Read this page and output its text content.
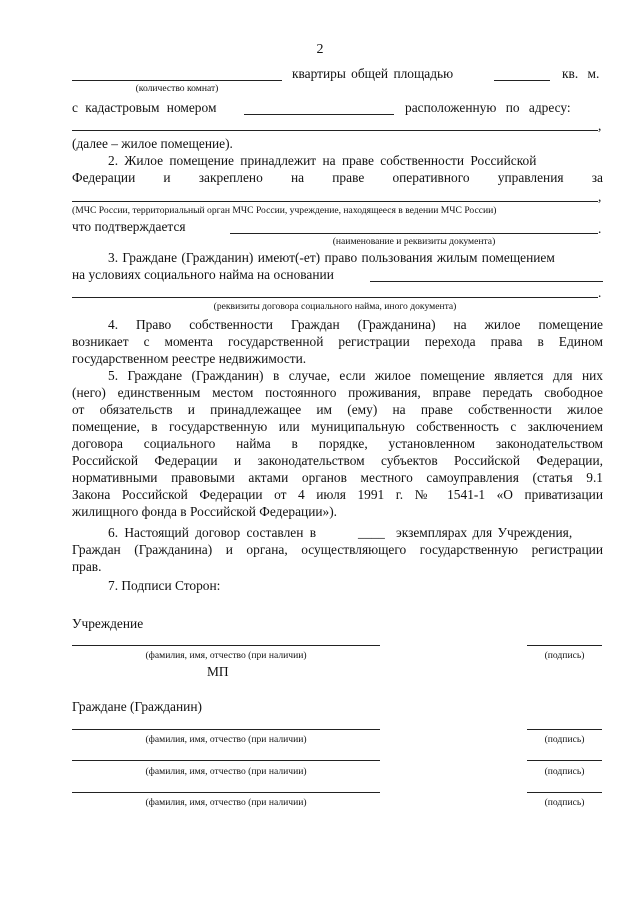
2
квартиры общей площадью	кв. м.
(количество комнат)
с кадастровым номером	расположенную по адресу:
,
(далее – жилое помещение).
2. Жилое помещение принадлежит на праве собственности Российской
Федерации и закреплено на праве оперативного управления за
,
(МЧС России, территориальный орган МЧС России, учреждение, находящееся в ведении МЧС России)
что подтверждается	.
(наименование и реквизиты документа)
3. Граждане (Гражданин) имеют(-ет) право пользования жилым помещением
на условиях социального найма на основании
.
(реквизиты договора социального найма, иного документа)
4. Право собственности Граждан (Гражданина) на жилое помещение
возникает с момента государственной регистрации перехода права в Едином
государственном реестре недвижимости.
5. Граждане (Гражданин) в случае, если жилое помещение является для них
(него) единственным местом постоянного проживания, вправе передать свободное
от обязательств и принадлежащее им (ему) на праве собственности жилое
помещение, в государственную или муниципальную собственность с заключением
договора социального найма в порядке, установленном законодательством
Российской Федерации и законодательством субъектов Российской Федерации,
нормативными правовыми актами органов местного самоуправления (статья 9.1
Закона Российской Федерации от 4 июля 1991 г. № 1541-1 «О приватизации
жилищного фонда в Российской Федерации»).
6. Настоящий договор составлен в	____ экземплярах для Учреждения,
Граждан (Гражданина) и органа, осуществляющего государственную регистрации
прав.
7. Подписи Сторон:
Учреждение
(фамилия, имя, отчество (при наличии)	(подпись)
МП
Граждане (Гражданин)
(фамилия, имя, отчество (при наличии)	(подпись)
(фамилия, имя, отчество (при наличии)	(подпись)
(фамилия, имя, отчество (при наличии)	(подпись)
